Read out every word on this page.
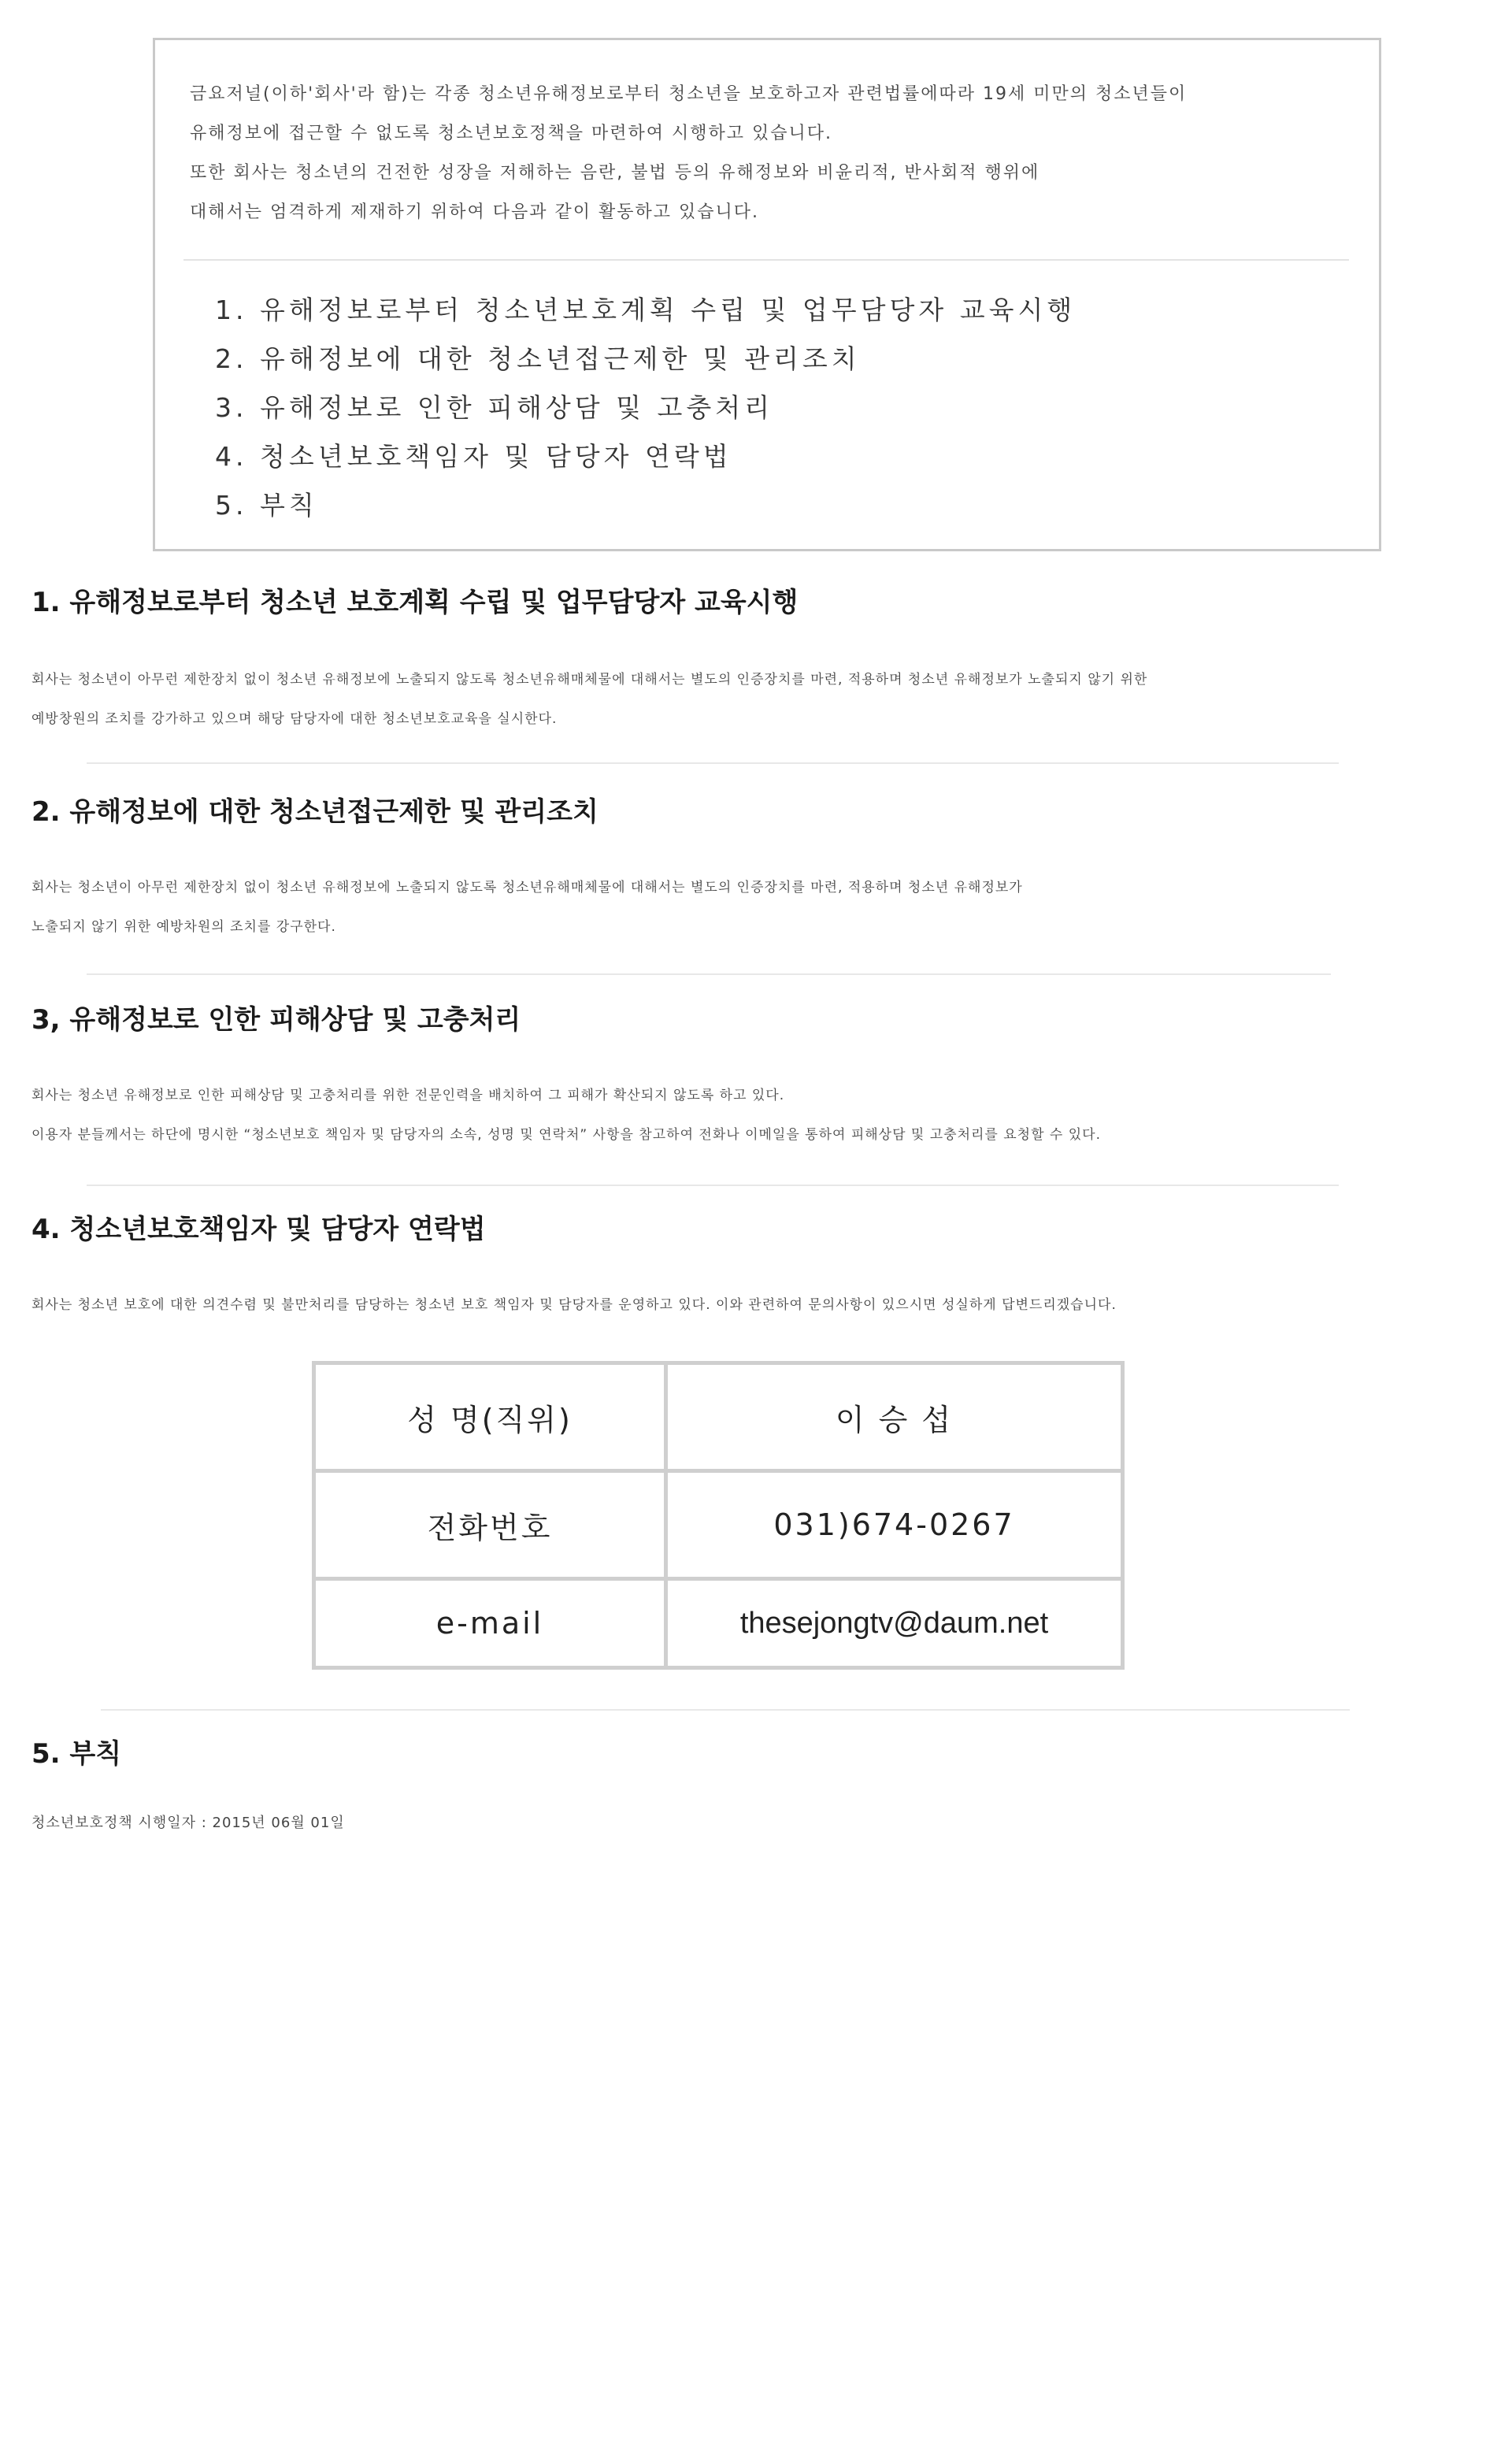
금요저널(이하'회사'라 함)는 각종 청소년유해정보로부터 청소년을 보호하고자 관련법률에따라 19세 미만의 청소년들이

유해정보에 접근할 수 없도록 청소년보호정책을 마련하여 시행하고 있습니다.

또한 회사는 청소년의 건전한 성장을 저해하는 음란, 불법 등의 유해정보와 비윤리적, 반사회적 행위에

대해서는 엄격하게 제재하기 위하여 다음과 같이 활동하고 있습니다.

1. 유해정보로부터 청소년보호계획 수립 및 업무담당자 교육시행
2. 유해정보에 대한 청소년접근제한 및 관리조치
3. 유해정보로 인한 피해상담 및 고충처리
4. 청소년보호책임자 및 담당자 연락법
5. 부칙
1. 유해정보로부터 청소년 보호계획 수립 및 업무담당자 교육시행

회사는 청소년이 아무런 제한장치 없이 청소년 유해정보에 노출되지 않도록 청소년유해매체물에 대해서는 별도의 인증장치를 마련, 적용하며 청소년 유해정보가 노출되지 않기 위한

예방창원의 조치를 강가하고 있으며 해당 담당자에 대한 청소년보호교육을 실시한다.

2. 유해정보에 대한 청소년접근제한 및 관리조치

회사는 청소년이 아무런 제한장치 없이 청소년 유해정보에 노출되지 않도록 청소년유해매체물에 대해서는 별도의 인증장치를 마련, 적용하며 청소년 유해정보가

노출되지 않기 위한 예방차원의 조치를 강구한다.

3, 유해정보로 인한 피해상담 및 고충처리

회사는 청소년 유해정보로 인한 피해상담 및 고충처리를 위한 전문인력을 배치하여 그 피해가 확산되지 않도록 하고 있다.

이용자 분들께서는 하단에 명시한 “청소년보호 책임자 및 담당자의 소속, 성명 및 연락처” 사항을 참고하여 전화나 이메일을 통하여 피해상담 및 고충처리를 요청할 수 있다.

4. 청소년보호책임자 및 담당자 연락법

회사는 청소년 보호에 대한 의견수렴 및 불만처리를 담당하는 청소년 보호 책임자 및 담당자를 운영하고 있다. 이와 관련하여 문의사항이 있으시면 성실하게 답변드리겠습니다.

성 명(직위)	이 승 섭
전화번호	031)674-0267
e-mail	thesejongtv@daum.net
5. 부칙
청소년보호정책 시행일자 : 2015년 06월 01일
